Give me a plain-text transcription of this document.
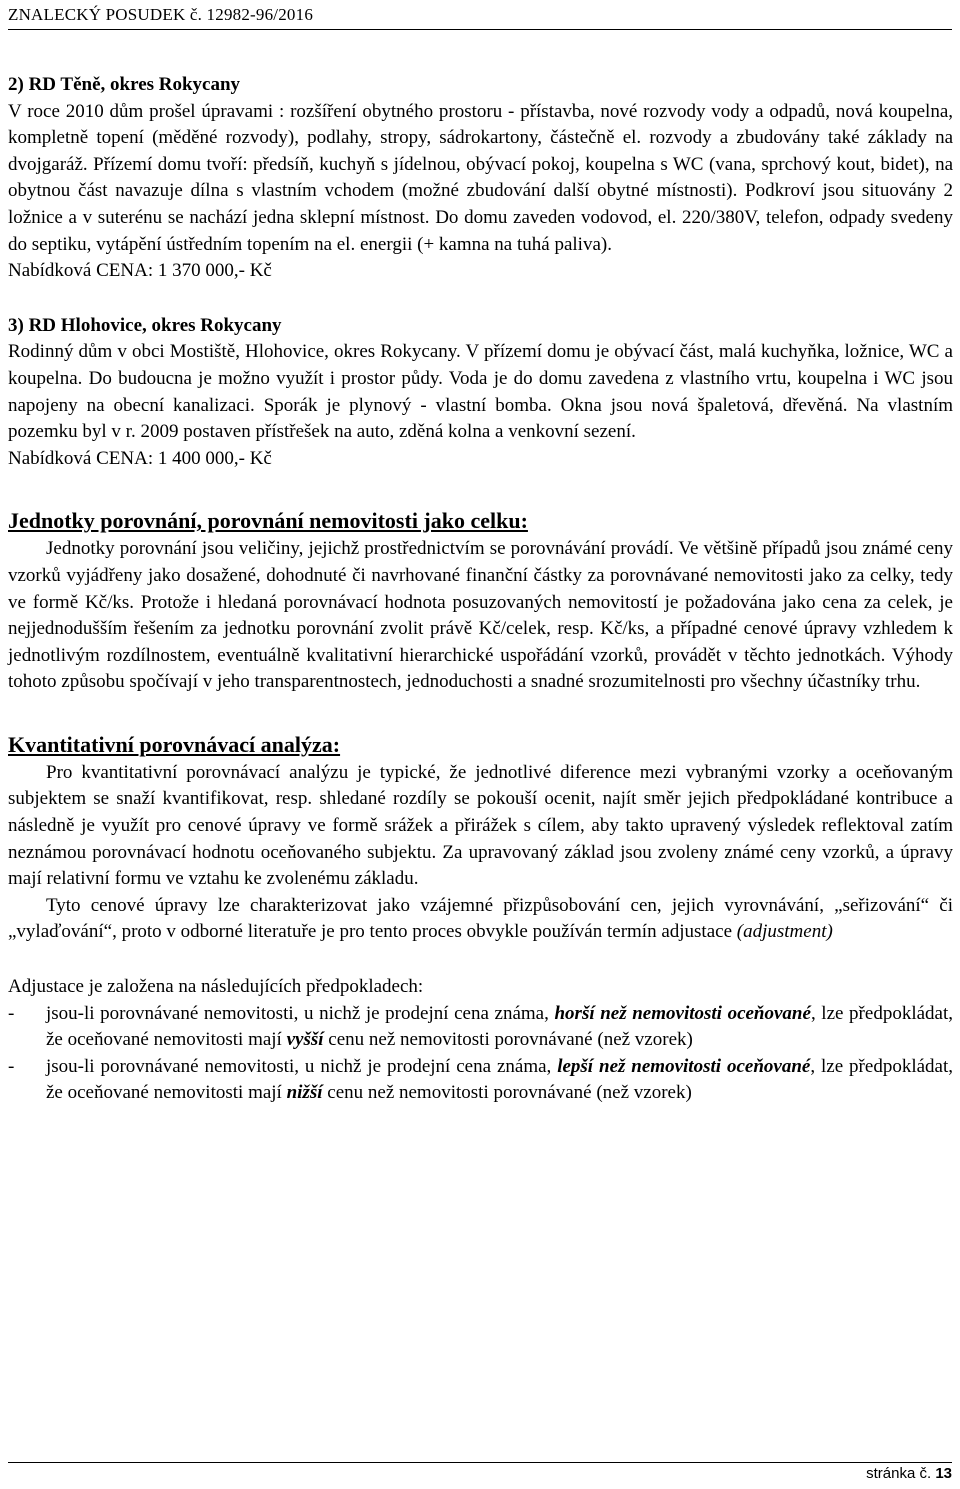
ZNALECKÝ POSUDEK č. 12982-96/2016

2) RD Těně, okres Rokycany

V roce 2010 dům prošel úpravami : rozšíření obytného prostoru - přístavba, nové rozvody vody a odpadů, nová koupelna, kompletně topení (měděné rozvody), podlahy, stropy, sádrokartony, částečně el. rozvody a zbudovány také základy na dvojgaráž. Přízemí domu tvoří: předsíň, kuchyň s jídelnou, obývací pokoj, koupelna s WC (vana, sprchový kout, bidet), na obytnou část navazuje dílna s vlastním vchodem (možné zbudování další obytné místnosti). Podkroví jsou situovány 2 ložnice a v suterénu se nachází jedna sklepní místnost. Do domu zaveden vodovod, el. 220/380V, telefon, odpady svedeny do septiku, vytápění ústředním topením na el. energii (+ kamna na tuhá paliva).

Nabídková CENA: 1 370 000,- Kč

3) RD Hlohovice, okres Rokycany

Rodinný dům v obci Mostiště, Hlohovice, okres Rokycany. V přízemí domu je obývací část, malá kuchyňka, ložnice, WC a koupelna. Do budoucna je možno využít i prostor půdy. Voda je do domu zavedena z vlastního vrtu, koupelna i WC jsou napojeny na obecní kanalizaci. Sporák je plynový - vlastní bomba. Okna jsou nová špaletová, dřevěná. Na vlastním pozemku byl v r. 2009 postaven přístřešek na auto, zděná kolna a venkovní sezení.

Nabídková CENA: 1 400 000,- Kč

Jednotky porovnání, porovnání nemovitosti jako celku:

Jednotky porovnání jsou veličiny, jejichž prostřednictvím se porovnávání provádí. Ve většině případů jsou známé ceny vzorků vyjádřeny jako dosažené, dohodnuté či navrhované finanční částky za porovnávané nemovitosti jako za celky, tedy ve formě Kč/ks. Protože i hledaná porovnávací hodnota posuzovaných nemovitostí je požadována jako cena za celek, je nejjednodušším řešením za jednotku porovnání zvolit právě Kč/celek, resp. Kč/ks, a případné cenové úpravy vzhledem k jednotlivým rozdílnostem, eventuálně kvalitativní hierarchické uspořádání vzorků, provádět v těchto jednotkách. Výhody tohoto způsobu spočívají v jeho transparentnostech, jednoduchosti a snadné srozumitelnosti pro všechny účastníky trhu.

Kvantitativní porovnávací analýza:

Pro kvantitativní porovnávací analýzu je typické, že jednotlivé diference mezi vybranými vzorky a oceňovaným subjektem se snaží kvantifikovat, resp. shledané rozdíly se pokouší ocenit, najít směr jejich předpokládané kontribuce a následně je využít pro cenové úpravy ve formě srážek a přirážek s cílem, aby takto upravený výsledek reflektoval zatím neznámou porovnávací hodnotu oceňovaného subjektu. Za upravovaný základ jsou zvoleny známé ceny vzorků, a úpravy mají relativní formu ve vztahu ke zvolenému základu.

Tyto cenové úpravy lze charakterizovat jako vzájemné přizpůsobování cen, jejich vyrovnávání, „seřizování“ či „vylaďování“, proto v odborné literatuře je pro tento proces obvykle používán termín adjustace (adjustment)

Adjustace je založena na následujících předpokladech:

-	jsou-li porovnávané nemovitosti, u nichž je prodejní cena známa, horší než nemovitosti oceňované, lze předpokládat, že oceňované nemovitosti mají vyšší cenu než nemovitosti porovnávané (než vzorek)

-	jsou-li porovnávané nemovitosti, u nichž je prodejní cena známa, lepší než nemovitosti oceňované, lze předpokládat, že oceňované nemovitosti mají nižší cenu než nemovitosti porovnávané (než vzorek)

stránka č. 13
